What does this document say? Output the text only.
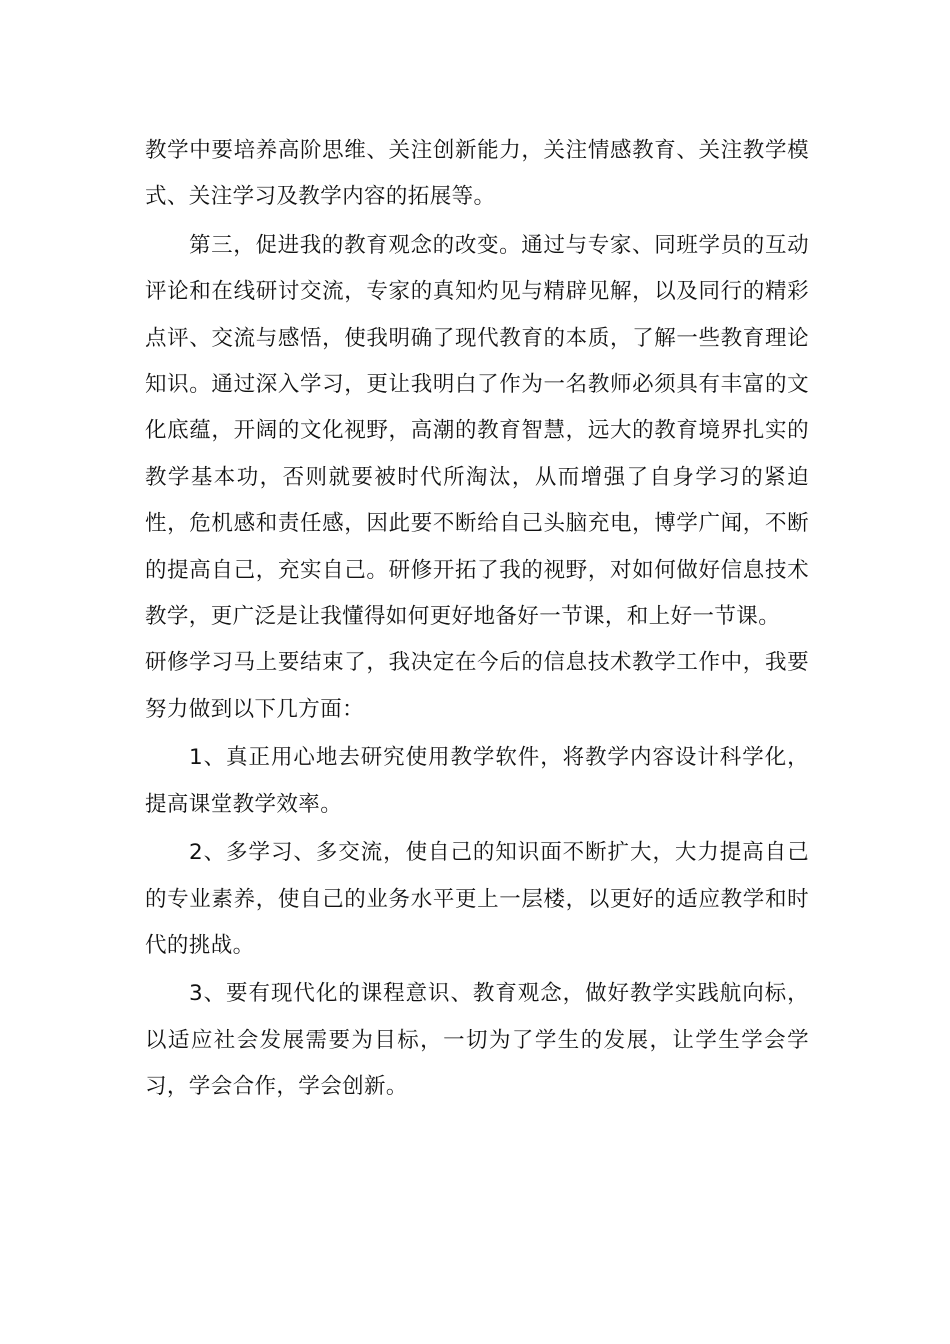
教学中要培养高阶思维、关注创新能力，关注情感教育、关注教学模式、关注学习及教学内容的拓展等。

第三，促进我的教育观念的改变。通过与专家、同班学员的互动评论和在线研讨交流，专家的真知灼见与精辟见解，以及同行的精彩点评、交流与感悟，使我明确了现代教育的本质，了解一些教育理论知识。通过深入学习，更让我明白了作为一名教师必须具有丰富的文化底蕴，开阔的文化视野，高潮的教育智慧，远大的教育境界扎实的教学基本功，否则就要被时代所淘汰，从而增强了自身学习的紧迫性，危机感和责任感，因此要不断给自己头脑充电，博学广闻，不断的提高自己，充实自己。研修开拓了我的视野，对如何做好信息技术教学，更广泛是让我懂得如何更好地备好一节课，和上好一节课。

研修学习马上要结束了，我决定在今后的信息技术教学工作中，我要努力做到以下几方面：

1、真正用心地去研究使用教学软件，将教学内容设计科学化，提高课堂教学效率。

2、多学习、多交流，使自己的知识面不断扩大，大力提高自己的专业素养，使自己的业务水平更上一层楼，以更好的适应教学和时代的挑战。

3、要有现代化的课程意识、教育观念，做好教学实践航向标，以适应社会发展需要为目标，一切为了学生的发展，让学生学会学习，学会合作，学会创新。
